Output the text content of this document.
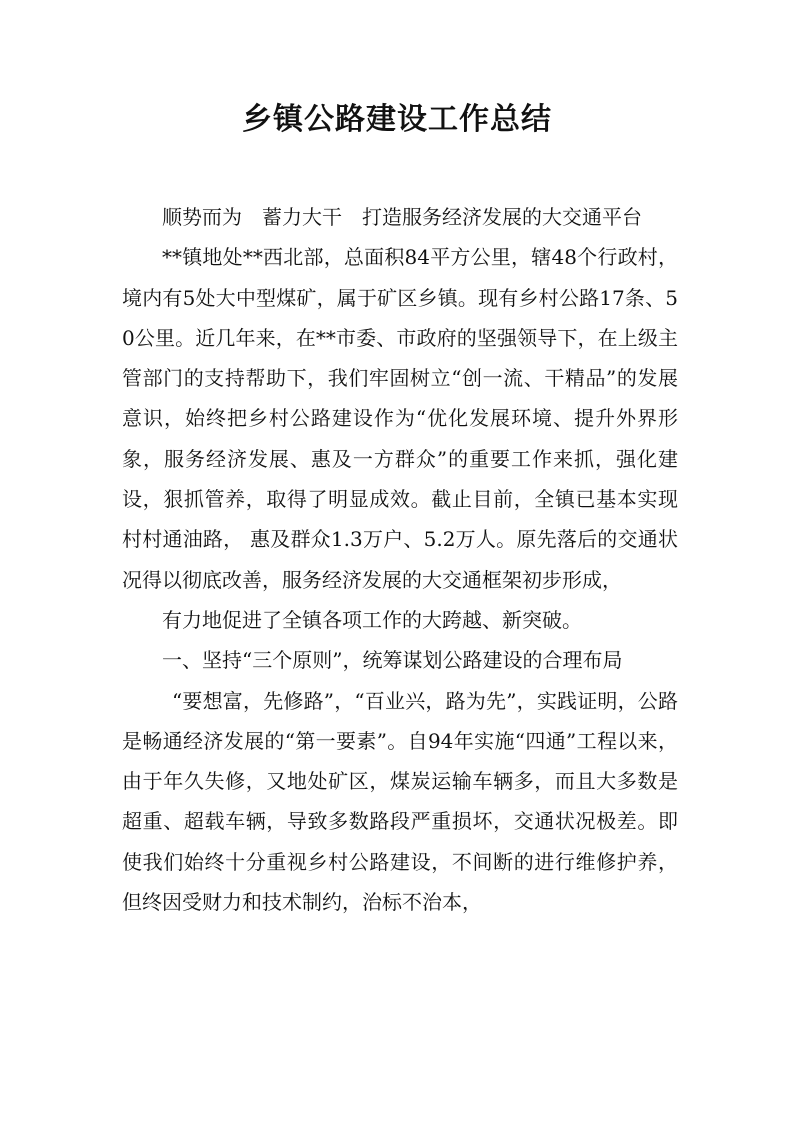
乡镇公路建设工作总结

顺势而为　蓄力大干　打造服务经济发展的大交通平台

**镇地处**西北部，总面积84平方公里，辖48个行政村，境内有5处大中型煤矿，属于矿区乡镇。现有乡村公路17条、50公里。近几年来，在**市委、市政府的坚强领导下，在上级主管部门的支持帮助下，我们牢固树立“创一流、干精品”的发展意识，始终把乡村公路建设作为“优化发展环境、提升外界形象，服务经济发展、惠及一方群众”的重要工作来抓，强化建设，狠抓管养，取得了明显成效。截止目前，全镇已基本实现村村通油路， 惠及群众1.3万户、5.2万人。原先落后的交通状况得以彻底改善，服务经济发展的大交通框架初步形成，

有力地促进了全镇各项工作的大跨越、新突破。

一、坚持“三个原则”，统筹谋划公路建设的合理布局

“要想富，先修路”，“百业兴，路为先”，实践证明，公路是畅通经济发展的“第一要素”。自94年实施“四通”工程以来，由于年久失修，又地处矿区，煤炭运输车辆多，而且大多数是超重、超载车辆，导致多数路段严重损坏，交通状况极差。即使我们始终十分重视乡村公路建设，不间断的进行维修护养，但终因受财力和技术制约，治标不治本，
